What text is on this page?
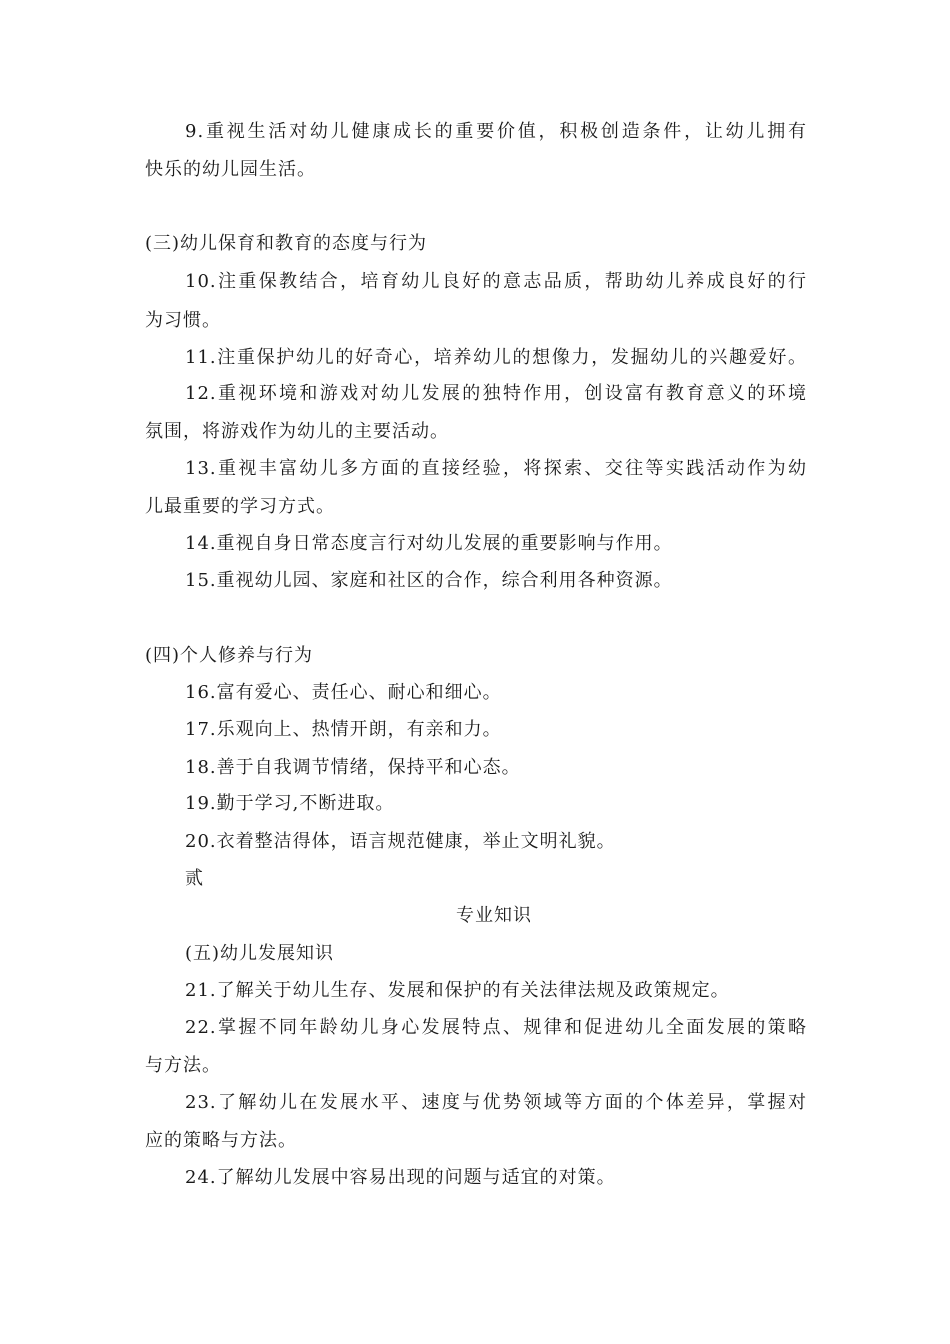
9.重视生活对幼儿健康成长的重要价值，积极创造条件，让幼儿拥有
快乐的幼儿园生活。
(三)幼儿保育和教育的态度与行为
10.注重保教结合，培育幼儿良好的意志品质，帮助幼儿养成良好的行
为习惯。
11.注重保护幼儿的好奇心，培养幼儿的想像力，发掘幼儿的兴趣爱好。
12.重视环境和游戏对幼儿发展的独特作用，创设富有教育意义的环境
氛围，将游戏作为幼儿的主要活动。
13.重视丰富幼儿多方面的直接经验，将探索、交往等实践活动作为幼
儿最重要的学习方式。
14.重视自身日常态度言行对幼儿发展的重要影响与作用。
15.重视幼儿园、家庭和社区的合作，综合利用各种资源。
(四)个人修养与行为
16.富有爱心、责任心、耐心和细心。
17.乐观向上、热情开朗，有亲和力。
18.善于自我调节情绪，保持平和心态。
19.勤于学习,不断进取。
20.衣着整洁得体，语言规范健康，举止文明礼貌。
贰
专业知识
(五)幼儿发展知识
21.了解关于幼儿生存、发展和保护的有关法律法规及政策规定。
22.掌握不同年龄幼儿身心发展特点、规律和促进幼儿全面发展的策略
与方法。
23.了解幼儿在发展水平、速度与优势领域等方面的个体差异，掌握对
应的策略与方法。
24.了解幼儿发展中容易出现的问题与适宜的对策。
